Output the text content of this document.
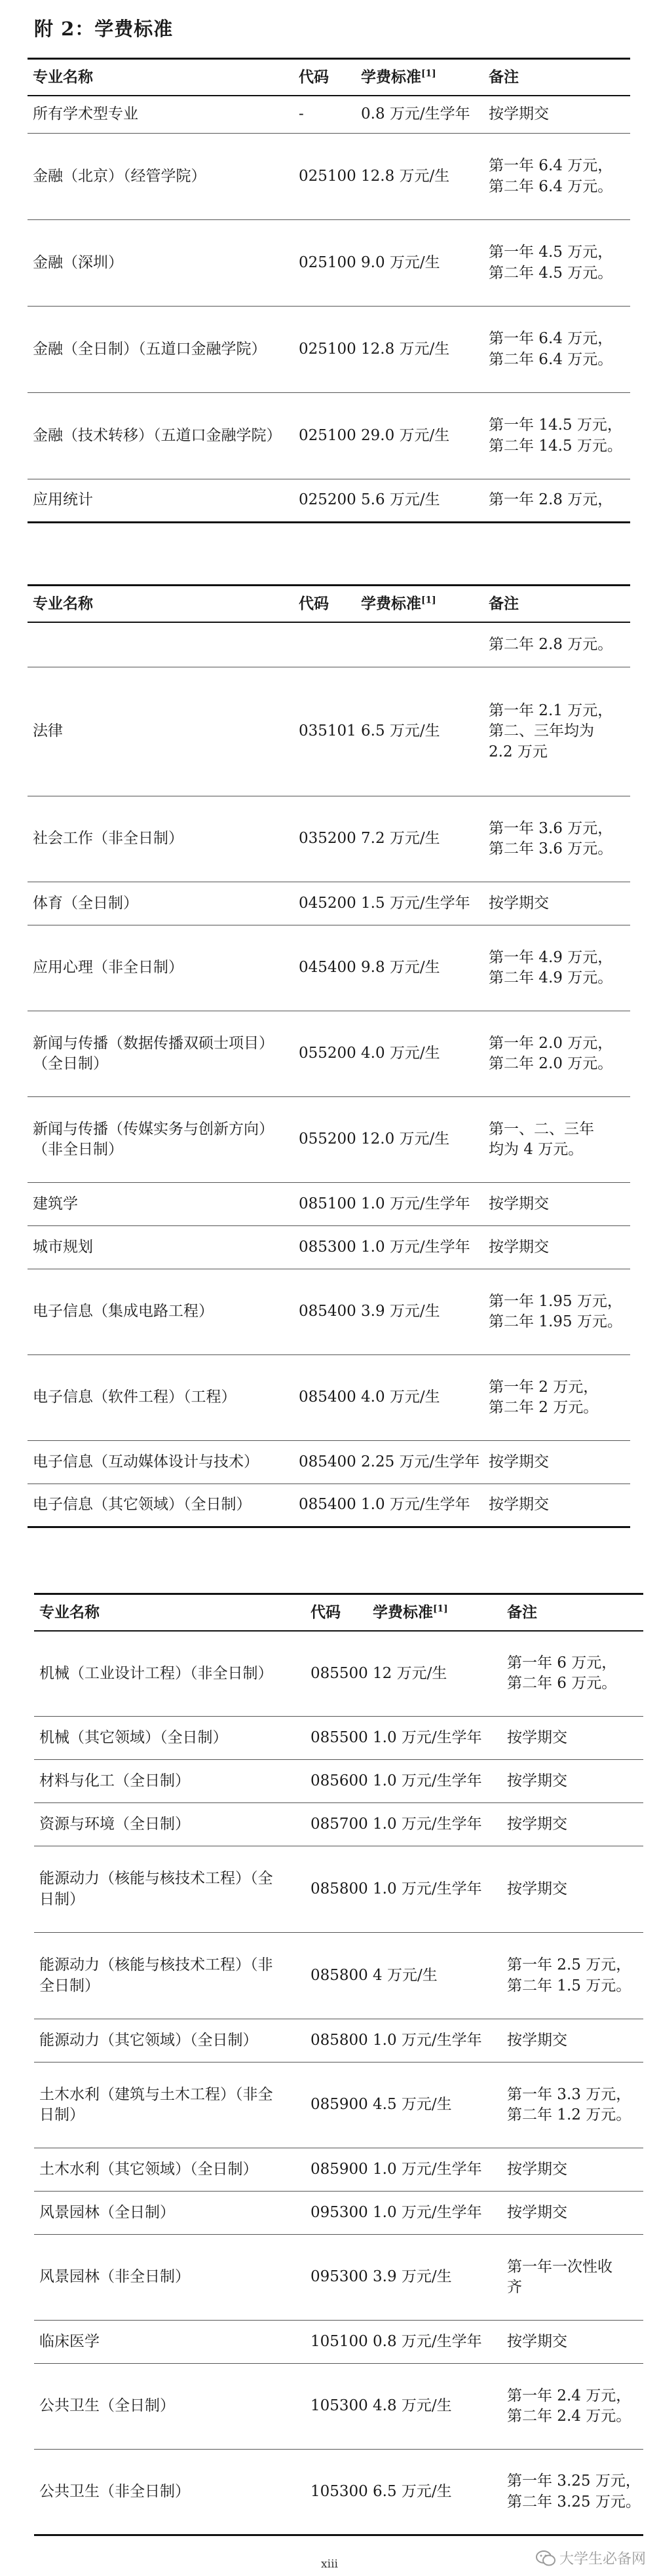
附 2：学费标准
专业名称	代码	学费标准[1]	备注
所有学术型专业	-	0.8 万元/生学年	按学期交
金融（北京）（经管学院）	025100	12.8 万元/生	第一年 6.4 万元，
第二年 6.4 万元。
金融（深圳）	025100	9.0 万元/生	第一年 4.5 万元，
第二年 4.5 万元。
金融（全日制）（五道口金融学院）	025100	12.8 万元/生	第一年 6.4 万元，
第二年 6.4 万元。
金融（技术转移）（五道口金融学院）	025100	29.0 万元/生	第一年 14.5 万元，
第二年 14.5 万元。
应用统计	025200	5.6 万元/生	第一年 2.8 万元，
专业名称	代码	学费标准[1]	备注
			第二年 2.8 万元。
法律	035101	6.5 万元/生	第一年 2.1 万元，
第二、三年均为
2.2 万元
社会工作（非全日制）	035200	7.2 万元/生	第一年 3.6 万元，
第二年 3.6 万元。
体育（全日制）	045200	1.5 万元/生学年	按学期交
应用心理（非全日制）	045400	9.8 万元/生	第一年 4.9 万元，
第二年 4.9 万元。
新闻与传播（数据传播双硕士项目）
（全日制）	055200	4.0 万元/生	第一年 2.0 万元，
第二年 2.0 万元。
新闻与传播（传媒实务与创新方向）
（非全日制）	055200	12.0 万元/生	第一、二、三年
均为 4 万元。
建筑学	085100	1.0 万元/生学年	按学期交
城市规划	085300	1.0 万元/生学年	按学期交
电子信息（集成电路工程）	085400	3.9 万元/生	第一年 1.95 万元，
第二年 1.95 万元。
电子信息（软件工程）（工程）	085400	4.0 万元/生	第一年 2 万元，
第二年 2 万元。
电子信息（互动媒体设计与技术）	085400	2.25 万元/生学年	按学期交
电子信息（其它领域）（全日制）	085400	1.0 万元/生学年	按学期交
专业名称	代码	学费标准[1]	备注
机械（工业设计工程）（非全日制）	085500	12 万元/生	第一年 6 万元，
第二年 6 万元。
机械（其它领域）（全日制）	085500	1.0 万元/生学年	按学期交
材料与化工（全日制）	085600	1.0 万元/生学年	按学期交
资源与环境（全日制）	085700	1.0 万元/生学年	按学期交
能源动力（核能与核技术工程）（全
日制）	085800	1.0 万元/生学年	按学期交
能源动力（核能与核技术工程）（非
全日制）	085800	4 万元/生	第一年 2.5 万元，
第二年 1.5 万元。
能源动力（其它领域）（全日制）	085800	1.0 万元/生学年	按学期交
土木水利（建筑与土木工程）（非全
日制）	085900	4.5 万元/生	第一年 3.3 万元，
第二年 1.2 万元。
土木水利（其它领域）（全日制）	085900	1.0 万元/生学年	按学期交
风景园林（全日制）	095300	1.0 万元/生学年	按学期交
风景园林（非全日制）	095300	3.9 万元/生	第一年一次性收
齐
临床医学	105100	0.8 万元/生学年	按学期交
公共卫生（全日制）	105300	4.8 万元/生	第一年 2.4 万元，
第二年 2.4 万元。
公共卫生（非全日制）	105300	6.5 万元/生	第一年 3.25 万元，
第二年 3.25 万元。
xiii	大学生必备网
